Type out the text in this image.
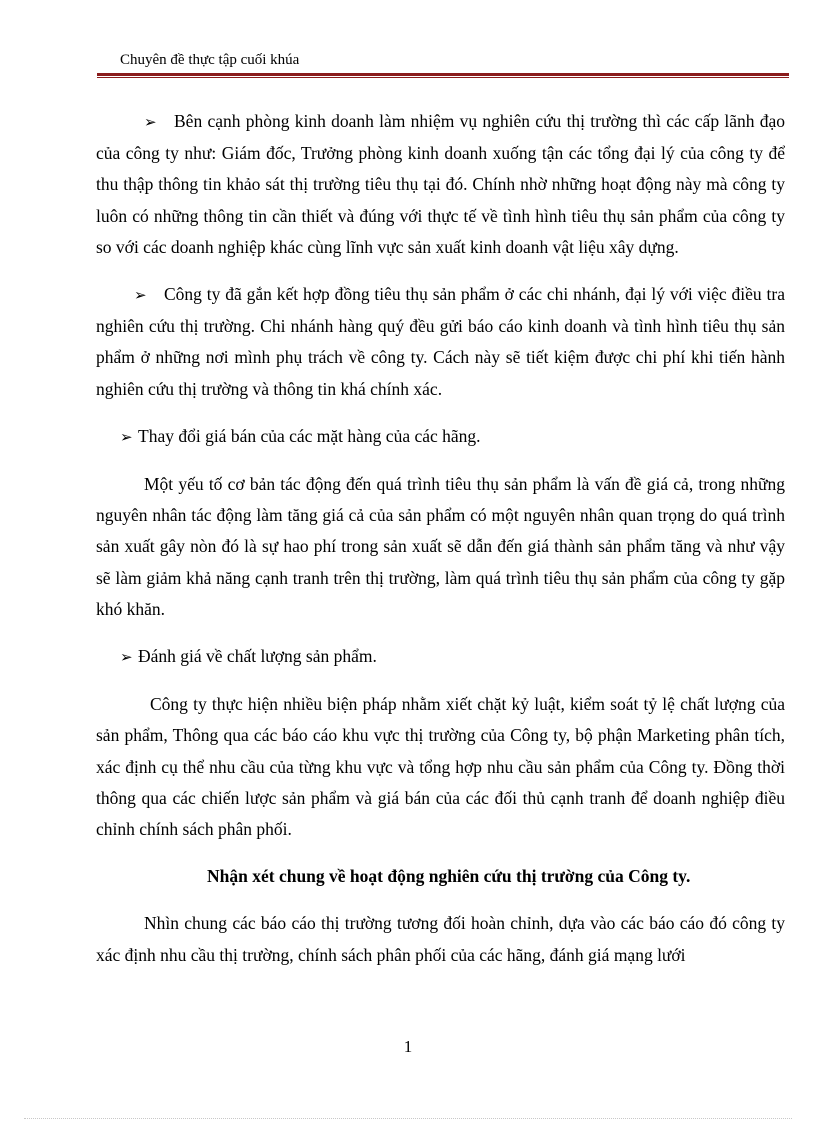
Chuyên đề thực tập cuối khúa

➢ Bên cạnh phòng kinh doanh làm nhiệm vụ nghiên cứu thị trường thì các cấp lãnh đạo của công ty như: Giám đốc, Trưởng phòng kinh doanh xuống tận các tổng đại lý của công ty để thu thập thông tin khảo sát thị trường tiêu thụ tại đó. Chính nhờ những hoạt động này mà công ty luôn có những thông tin cần thiết và đúng với thực tế về tình hình tiêu thụ sản phẩm của công ty so với các doanh nghiệp khác cùng lĩnh vực sản xuất kinh doanh vật liệu xây dựng.

➢ Công ty đã gắn kết hợp đồng tiêu thụ sản phẩm ở các chi nhánh, đại lý với việc điều tra nghiên cứu thị trường. Chi nhánh hàng quý đều gửi báo cáo kinh doanh và tình hình tiêu thụ sản phẩm ở những nơi mình phụ trách về công ty. Cách này sẽ tiết kiệm được chi phí khi tiến hành nghiên cứu thị trường và thông tin khá chính xác.

➢ Thay đổi giá bán của các mặt hàng của các hãng.

Một yếu tố cơ bản tác động đến quá trình tiêu thụ sản phẩm là vấn đề giá cả, trong những nguyên nhân tác động làm tăng giá cả của sản phẩm có một nguyên nhân quan trọng do quá trình sản xuất gây nòn đó là sự hao phí trong sản xuất sẽ dẫn đến giá thành sản phẩm tăng và như vậy sẽ làm giảm khả năng cạnh tranh trên thị trường, làm quá trình tiêu thụ sản phẩm của công ty gặp khó khăn.

➢ Đánh giá về chất lượng sản phẩm.

Công ty thực hiện nhiều biện pháp nhằm xiết chặt kỷ luật, kiểm soát tỷ lệ chất lượng của sản phẩm, Thông qua các báo cáo khu vực thị trường của Công ty, bộ phận Marketing phân tích, xác định cụ thể nhu cầu của từng khu vực và tổng hợp nhu cầu sản phẩm của Công ty. Đồng thời thông qua các chiến lược sản phẩm và giá bán của các đối thủ cạnh tranh để doanh nghiệp điều chỉnh chính sách phân phối.

Nhận xét chung về hoạt động nghiên cứu thị trường của Công ty.

Nhìn chung các báo cáo thị trường tương đối hoàn chỉnh, dựa vào các báo cáo đó công ty xác định nhu cầu thị trường, chính sách phân phối của các hãng, đánh giá mạng lưới

1
